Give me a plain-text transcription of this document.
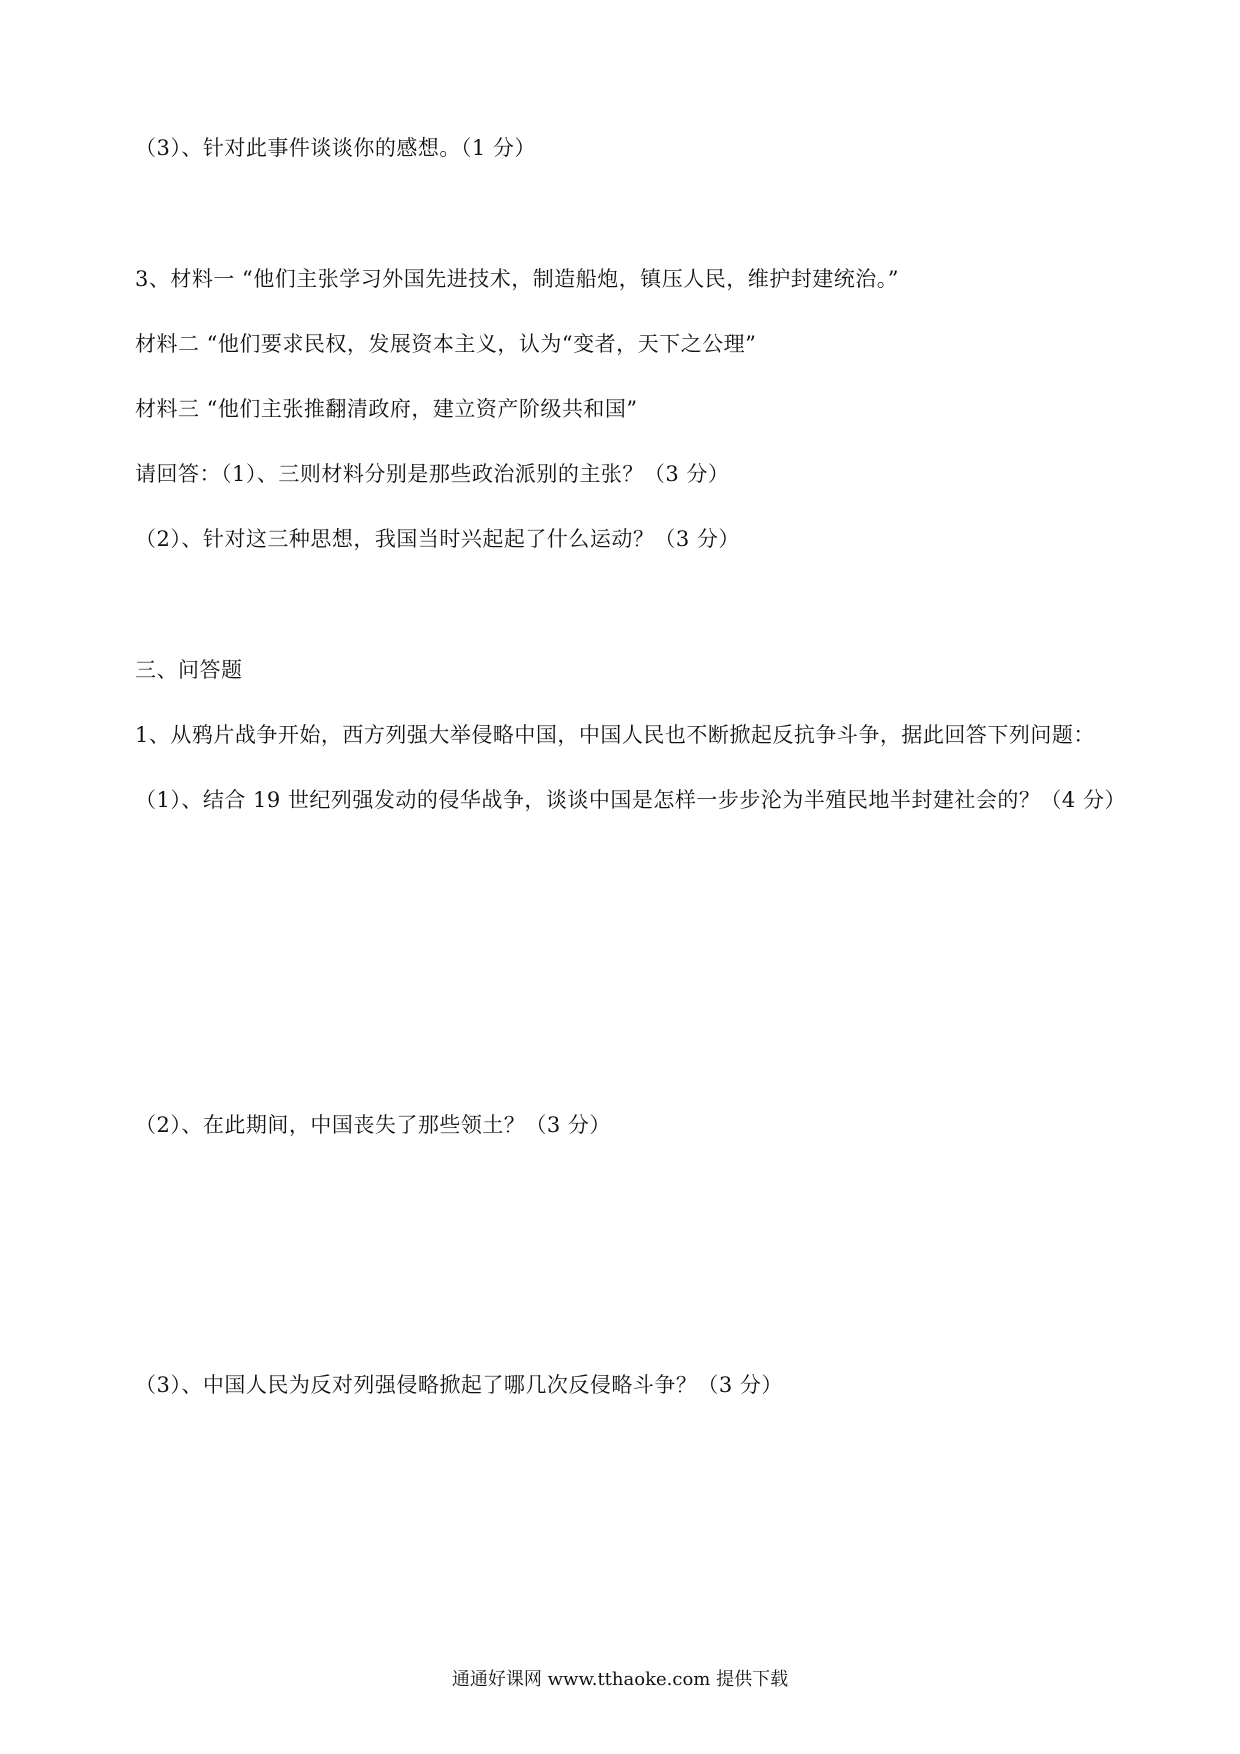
（3）、针对此事件谈谈你的感想。（1 分）
3、材料一 “他们主张学习外国先进技术，制造船炮，镇压人民，维护封建统治。”
材料二 “他们要求民权，发展资本主义，认为“变者，天下之公理”
材料三 “他们主张推翻清政府，建立资产阶级共和国”
请回答：（1）、三则材料分别是那些政治派别的主张？（3 分）
（2）、针对这三种思想，我国当时兴起起了什么运动？（3 分）
三、问答题
1、从鸦片战争开始，西方列强大举侵略中国，中国人民也不断掀起反抗争斗争，据此回答下列问题：
（1）、结合 19 世纪列强发动的侵华战争，谈谈中国是怎样一步步沦为半殖民地半封建社会的？（4 分）
（2）、在此期间，中国丧失了那些领土？（3 分）
（3）、中国人民为反对列强侵略掀起了哪几次反侵略斗争？（3 分）
通通好课网 www.tthaoke.com 提供下载
